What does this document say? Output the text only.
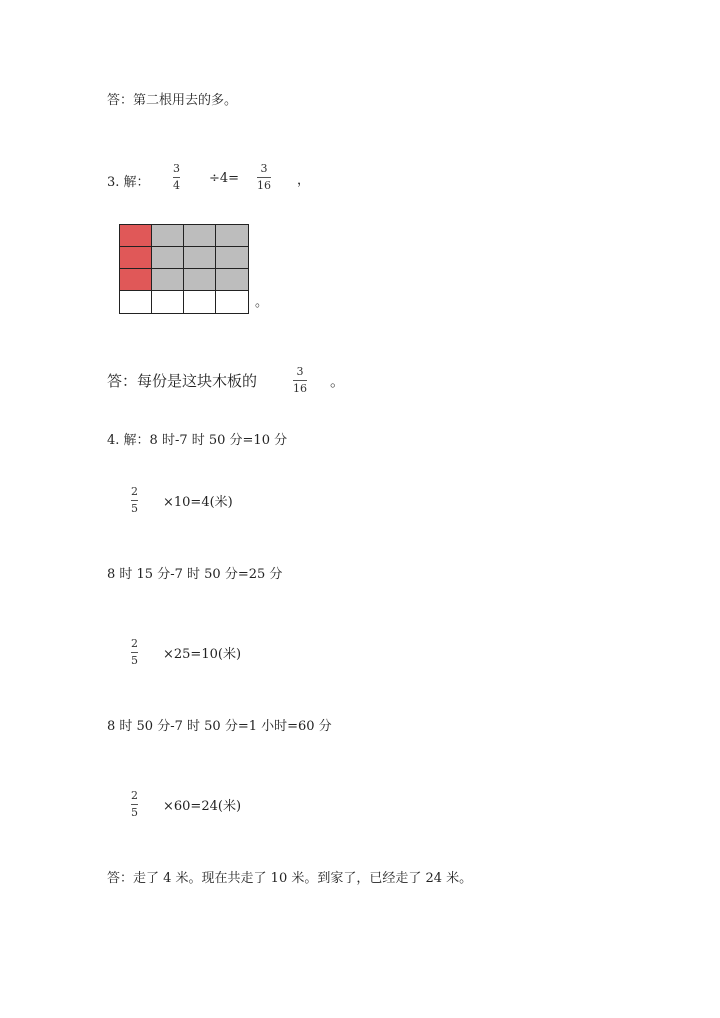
答：第二根用去的多。
3. 解：
3
4 ÷4=
3
16 ，
。
答：每份是这块木板的
3
16 。
4. 解：8 时-7 时 50 分=10 分
2
5 ×10=4(米)
8 时 15 分-7 时 50 分=25 分
2
5 ×25=10(米)
8 时 50 分-7 时 50 分=1 小时=60 分
2
5 ×60=24(米)
答：走了 4 米。现在共走了 10 米。到家了，已经走了 24 米。
